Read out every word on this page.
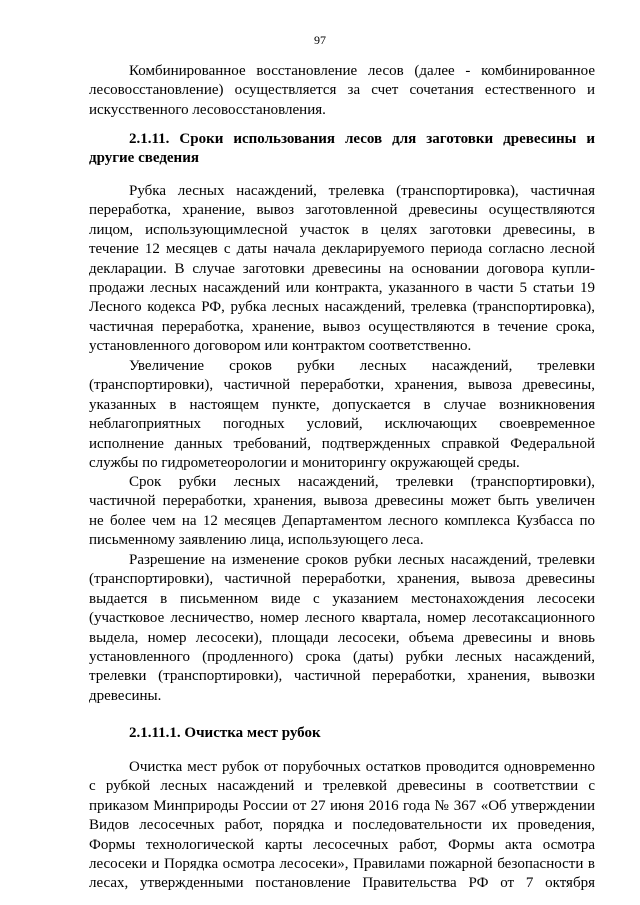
97
Комбинированное восстановление лесов (далее - комбинированное
лесовосстановление) осуществляется за счет сочетания естественного и
искусственного лесовосстановления.
2.1.11. Сроки использования лесов для заготовки древесины и
другие сведения
Рубка лесных насаждений, трелевка (транспортировка), частичная
переработка, хранение, вывоз заготовленной древесины осуществляются
лицом, использующимлесной участок в целях заготовки древесины, в
течение 12 месяцев с даты начала декларируемого периода согласно лесной
декларации. В случае заготовки древесины на основании договора купли-
продажи лесных насаждений или контракта, указанного в части 5 статьи 19
Лесного кодекса РФ, рубка лесных насаждений, трелевка (транспортировка),
частичная переработка, хранение, вывоз осуществляются в течение срока,
установленного договором или контрактом соответственно.
Увеличение сроков рубки лесных насаждений, трелевки
(транспортировки), частичной переработки, хранения, вывоза древесины,
указанных в настоящем пункте, допускается в случае возникновения
неблагоприятных погодных условий, исключающих своевременное
исполнение данных требований, подтвержденных справкой Федеральной
службы по гидрометеорологии и мониторингу окружающей среды.
Срок рубки лесных насаждений, трелевки (транспортировки),
частичной переработки, хранения, вывоза древесины может быть увеличен
не более чем на 12 месяцев Департаментом лесного комплекса Кузбасса по
письменному заявлению лица, использующего леса.
Разрешение на изменение сроков рубки лесных насаждений, трелевки
(транспортировки), частичной переработки, хранения, вывоза древесины
выдается в письменном виде с указанием местонахождения лесосеки
(участковое лесничество, номер лесного квартала, номер лесотаксационного
выдела, номер лесосеки), площади лесосеки, объема древесины и вновь
установленного (продленного) срока (даты) рубки лесных насаждений,
трелевки (транспортировки), частичной переработки, хранения, вывозки
древесины.
2.1.11.1. Очистка мест рубок
Очистка мест рубок от порубочных остатков проводится одновременно
с рубкой лесных насаждений и трелевкой древесины в соответствии с
приказом Минприроды России от 27 июня 2016 года № 367 «Об утверждении
Видов лесосечных работ, порядка и последовательности их проведения,
Формы технологической карты лесосечных работ, Формы акта осмотра
лесосеки и Порядка осмотра лесосеки», Правилами пожарной безопасности в
лесах, утвержденными постановление Правительства РФ от 7 октября
